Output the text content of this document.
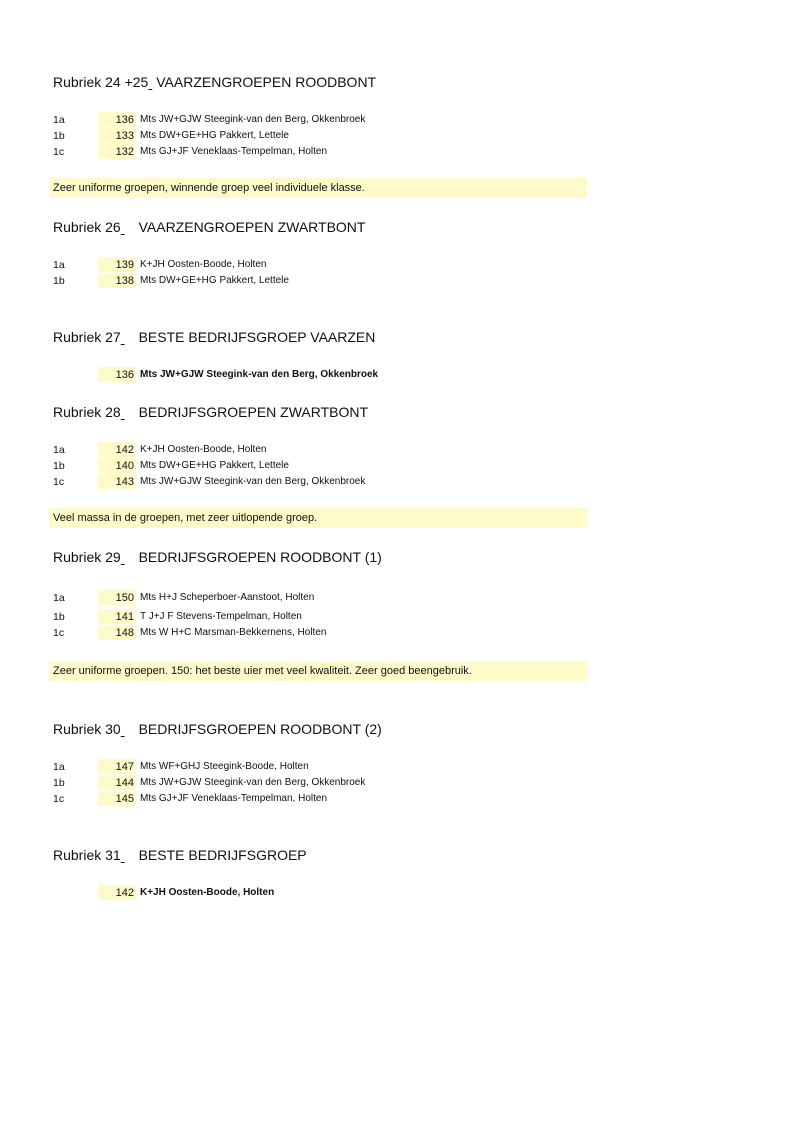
Rubriek 24 +25 VAARZENGROEPEN ROODBONT
1a	136 Mts JW+GJW Steegink-van den Berg, Okkenbroek
1b	133 Mts DW+GE+HG Pakkert, Lettele
1c	132 Mts GJ+JF Veneklaas-Tempelman, Holten
Zeer uniforme groepen, winnende groep veel individuele klasse.
Rubriek 26 VAARZENGROEPEN ZWARTBONT
1a	139 K+JH Oosten-Boode, Holten
1b	138 Mts DW+GE+HG Pakkert, Lettele
Rubriek 27 BESTE BEDRIJFSGROEP VAARZEN
136 Mts JW+GJW Steegink-van den Berg, Okkenbroek
Rubriek 28 BEDRIJFSGROEPEN ZWARTBONT
1a	142 K+JH Oosten-Boode, Holten
1b	140 Mts DW+GE+HG Pakkert, Lettele
1c	143 Mts JW+GJW Steegink-van den Berg, Okkenbroek
Veel massa in de groepen, met zeer uitlopende groep.
Rubriek 29 BEDRIJFSGROEPEN ROODBONT (1)
1a	150 Mts H+J Scheperboer-Aanstoot, Holten
1b	141 T J+J F Stevens-Tempelman, Holten
1c	148 Mts W H+C Marsman-Bekkernens, Holten
Zeer uniforme groepen. 150: het beste uier met veel kwaliteit. Zeer goed beengebruik.
Rubriek 30 BEDRIJFSGROEPEN ROODBONT (2)
1a	147 Mts WF+GHJ Steegink-Boode, Holten
1b	144 Mts JW+GJW Steegink-van den Berg, Okkenbroek
1c	145 Mts GJ+JF Veneklaas-Tempelman, Holten
Rubriek 31 BESTE BEDRIJFSGROEP
142 K+JH Oosten-Boode, Holten
